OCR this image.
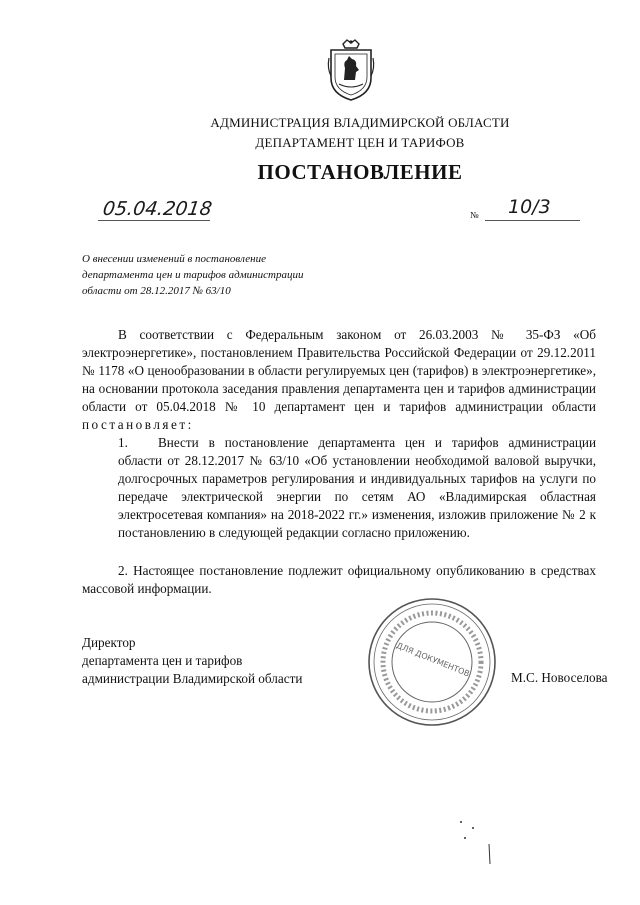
АДМИНИСТРАЦИЯ ВЛАДИМИРСКОЙ ОБЛАСТИ
ДЕПАРТАМЕНТ ЦЕН И ТАРИФОВ
ПОСТАНОВЛЕНИЕ
05.04.2018	№ 10/3
О внесении изменений в постановление
департамента цен и тарифов администрации
области от 28.12.2017 № 63/10
В соответствии с Федеральным законом от 26.03.2003 № 35-ФЗ «Об электроэнергетике», постановлением Правительства Российской Федерации от 29.12.2011 № 1178 «О ценообразовании в области регулируемых цен (тарифов) в электроэнергетике», на основании протокола заседания правления департамента цен и тарифов администрации области от 05.04.2018 № 10 департамент цен и тарифов администрации области постановляет:
1.	Внести в постановление департамента цен и тарифов администрации области от 28.12.2017 № 63/10 «Об установлении необходимой валовой выручки, долгосрочных параметров регулирования и индивидуальных тарифов на услуги по передаче электрической энергии по сетям АО «Владимирская областная электросетевая компания» на 2018-2022 гг.» изменения, изложив приложение № 2 к постановлению в следующей редакции согласно приложению.
2. Настоящее постановление подлежит официальному опубликованию в средствах массовой информации.
Директор
департамента цен и тарифов
администрации Владимирской области
ДЛЯ ДОКУМЕНТОВ	М.С. Новоселова
